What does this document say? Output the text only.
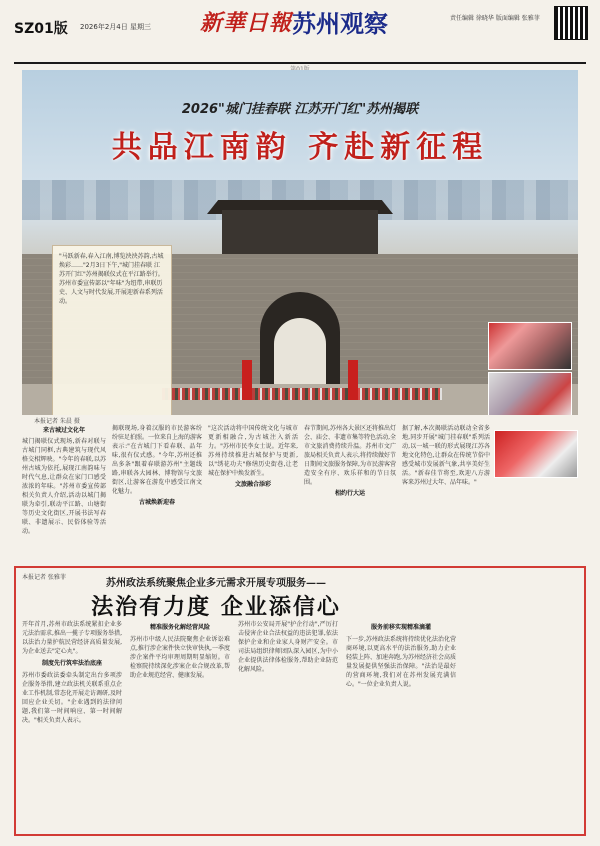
SZ01版 2026年2月4日 星期三 新華日報 苏州观察	责任编辑 徐晓华 版面编辑 张雅菲
2026"城门挂春联 江苏开门红"苏州揭联
共品江南韵 齐赴新征程
"马跃新春,春入江南,博览泱泱苏韵,古城焕彩……"2月3日下午,"城门挂春联 江苏开门红"苏州揭联仪式在平江路举行。苏州市委宣传部以"年味"为纽带,串联历史、人文与时代发展,开展迎新春系列活动。
本报记者 朱晨 摄
来古城过文化年
城门揭联仪式现场,新春对联与古城门同框,古典建筑与现代风格交相辉映。"今年的春联,以苏州古城为依托,展现江南韵味与时代气息,让群众在家门口感受浓浓的年味。"苏州市委宣传部相关负责人介绍,活动以城门揭联为牵引,联动平江路、山塘街等历史文化街区,开展书法写春联、非遗展示、民俗体验等活动。
揭联现场,身着汉服的市民游客纷纷驻足拍照。一位来自上海的游客表示:"在古城门下看春联、品年味,很有仪式感。"今年,苏州还推出多条"跟着春联游苏州"主题线路,串联各大园林、博物馆与文旅街区,让游客在游览中感受江南文化魅力。
古城焕新迎春
"这次活动将中国传统文化与城市更新相融合,为古城注入新活力。"苏州市民李女士说。近年来,苏州持续推进古城保护与更新,以"绣花功夫"修缮历史街巷,让老城在保护中焕发新生。
文旅融合添彩
春节期间,苏州各大景区还将推出灯会、庙会、非遗市集等特色活动,全市文旅消费持续升温。苏州市文广旅局相关负责人表示,将持续做好节日期间文旅服务保障,为市民游客营造安全有序、欢乐祥和的节日氛围。
相约行大运
据了解,本次揭联活动联动全省多地,同步开展"城门挂春联"系列活动,以一城一联的形式展现江苏各地文化特色,让群众在传统节俗中感受城市发展新气象,共享美好生活。"新春佳节将至,欢迎八方游客来苏州过大年、品年味。"
本报记者 张雅菲
苏州政法系统聚焦企业多元需求开展专项服务——
法治有力度 企业添信心
开年首月,苏州市政法系统紧扣企业多元法治需求,推出一揽子专项服务举措,以法治力量护航民营经济高质量发展,为企业送去"定心丸"。
制度先行筑牢法治底座
苏州市委政法委牵头制定出台多项涉企服务举措,建立政法机关联系重点企业工作机制,常态化开展走访调研,及时回应企业关切。"企业遇到的法律问题,我们第一时间响应、第一时间解决。"相关负责人表示。
精准服务化解经营风险
苏州市中级人民法院聚焦企业诉讼难点,推行涉企案件快立快审快执,一季度涉企案件平均审理周期明显缩短。市检察院持续深化涉案企业合规改革,帮助企业规范经营、健康发展。
苏州市公安局开展"护企行动",严厉打击侵害企业合法权益的违法犯罪,依法保护企业和企业家人身财产安全。市司法局组织律师团队深入园区,为中小企业提供法律体检服务,帮助企业防范化解风险。
服务前移实现精准滴灌
下一步,苏州政法系统将持续优化法治化营商环境,以更高水平的法治服务,助力企业轻装上阵、加速奔跑,为苏州经济社会高质量发展提供坚强法治保障。"法治是最好的营商环境,我们对在苏州发展充满信心。"一位企业负责人说。
